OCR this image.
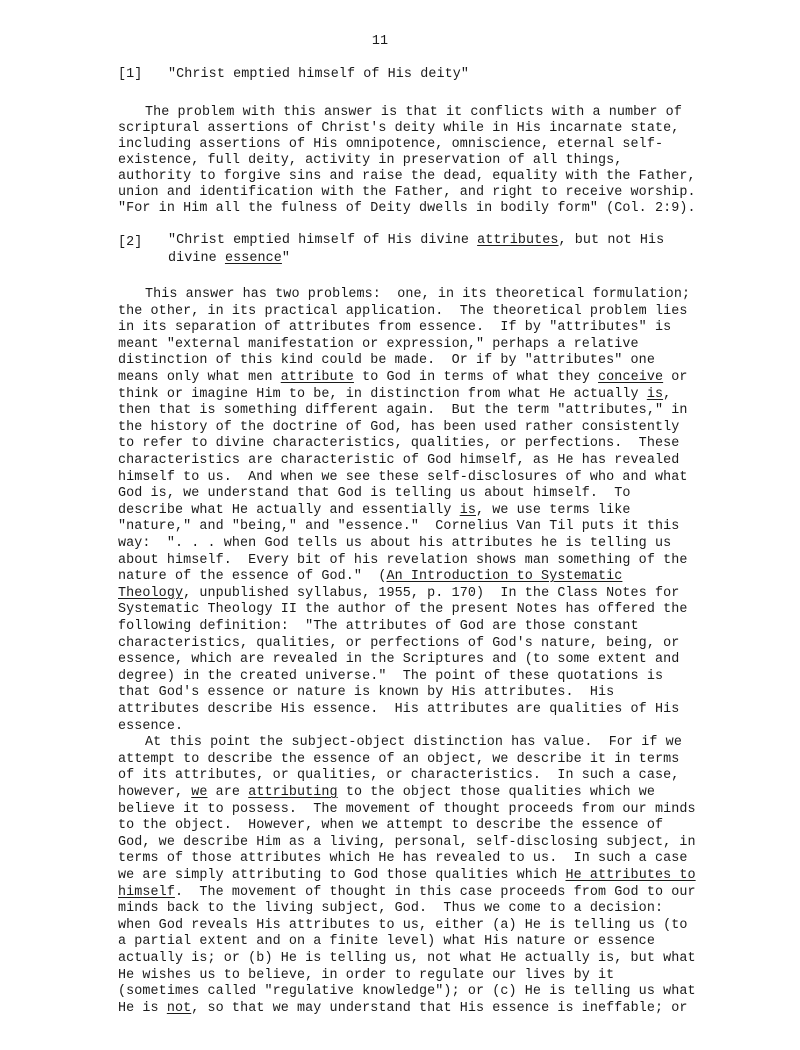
11
[1] "Christ emptied himself of His deity"
The problem with this answer is that it conflicts with a number of
scriptural assertions of Christ's deity while in His incarnate state,
including assertions of His omnipotence, omniscience, eternal self-
existence, full deity, activity in preservation of all things,
authority to forgive sins and raise the dead, equality with the Father,
union and identification with the Father, and right to receive worship.
"For in Him all the fulness of Deity dwells in bodily form" (Col. 2:9).
[2] "Christ emptied himself of His divine attributes, but not His
divine essence"
This answer has two problems:  one, in its theoretical formulation;
the other, in its practical application.  The theoretical problem lies
in its separation of attributes from essence.  If by "attributes" is
meant "external manifestation or expression," perhaps a relative
distinction of this kind could be made.  Or if by "attributes" one
means only what men attribute to God in terms of what they conceive or
think or imagine Him to be, in distinction from what He actually is,
then that is something different again.  But the term "attributes," in
the history of the doctrine of God, has been used rather consistently
to refer to divine characteristics, qualities, or perfections.  These
characteristics are characteristic of God himself, as He has revealed
himself to us.  And when we see these self-disclosures of who and what
God is, we understand that God is telling us about himself.  To
describe what He actually and essentially is, we use terms like
"nature," and "being," and "essence."  Cornelius Van Til puts it this
way:  ". . . when God tells us about his attributes he is telling us
about himself.  Every bit of his revelation shows man something of the
nature of the essence of God."  (An Introduction to Systematic
Theology, unpublished syllabus, 1955, p. 170)  In the Class Notes for
Systematic Theology II the author of the present Notes has offered the
following definition:  "The attributes of God are those constant
characteristics, qualities, or perfections of God's nature, being, or
essence, which are revealed in the Scriptures and (to some extent and
degree) in the created universe."  The point of these quotations is
that God's essence or nature is known by His attributes.  His
attributes describe His essence.  His attributes are qualities of His
essence.
At this point the subject-object distinction has value.  For if we
attempt to describe the essence of an object, we describe it in terms
of its attributes, or qualities, or characteristics.  In such a case,
however, we are attributing to the object those qualities which we
believe it to possess.  The movement of thought proceeds from our minds
to the object.  However, when we attempt to describe the essence of
God, we describe Him as a living, personal, self-disclosing subject, in
terms of those attributes which He has revealed to us.  In such a case
we are simply attributing to God those qualities which He attributes to
himself.  The movement of thought in this case proceeds from God to our
minds back to the living subject, God.  Thus we come to a decision:
when God reveals His attributes to us, either (a) He is telling us (to
a partial extent and on a finite level) what His nature or essence
actually is; or (b) He is telling us, not what He actually is, but what
He wishes us to believe, in order to regulate our lives by it
(sometimes called "regulative knowledge"); or (c) He is telling us what
He is not, so that we may understand that His essence is ineffable; or
